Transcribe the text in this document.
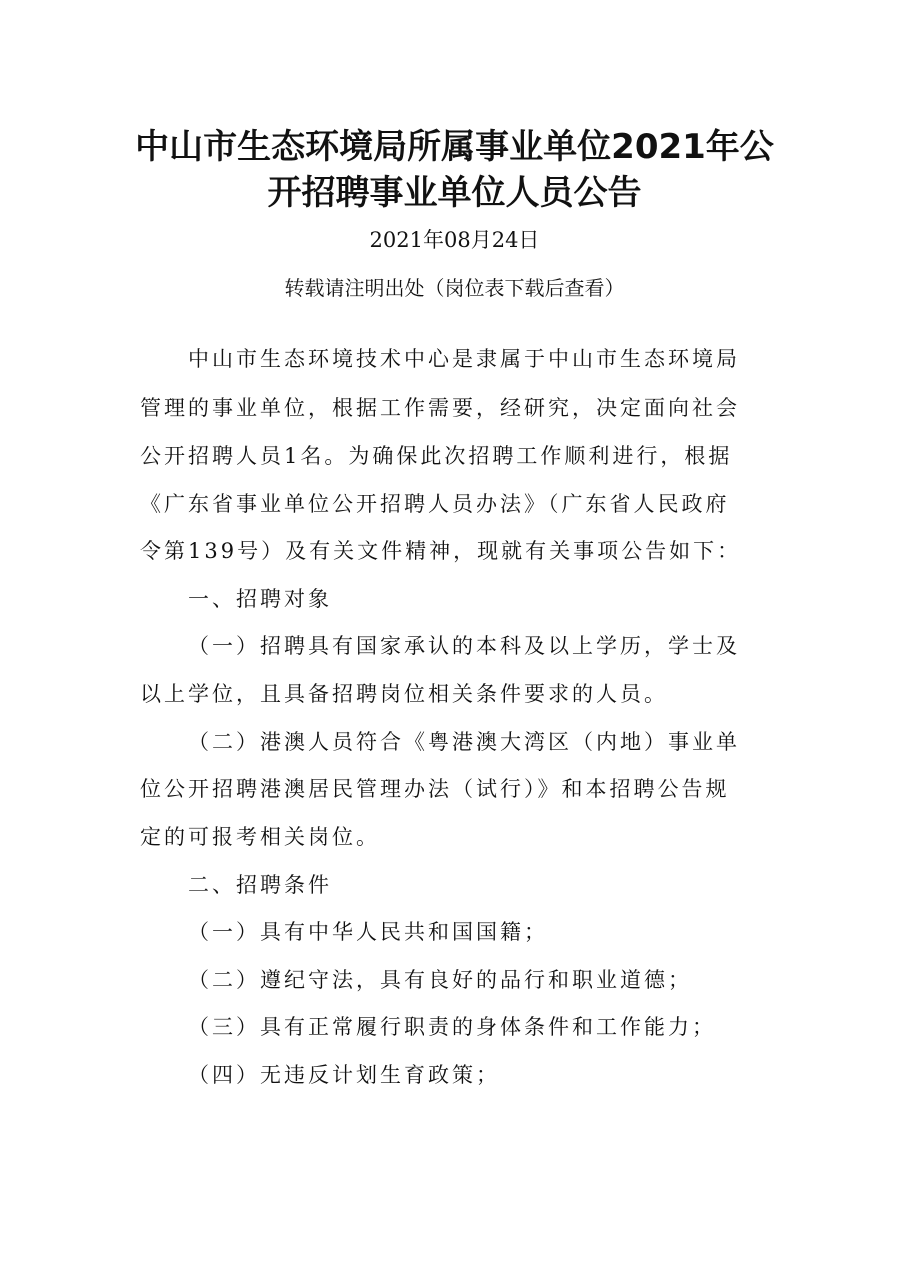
中山市生态环境局所属事业单位2021年公
开招聘事业单位人员公告
2021年08月24日
转载请注明出处（岗位表下载后查看）

中山市生态环境技术中心是隶属于中山市生态环境局

管理的事业单位，根据工作需要，经研究，决定面向社会

公开招聘人员1名。为确保此次招聘工作顺利进行，根据

《广东省事业单位公开招聘人员办法》（广东省人民政府

令第139号）及有关文件精神，现就有关事项公告如下：

一、招聘对象

（一）招聘具有国家承认的本科及以上学历，学士及

以上学位，且具备招聘岗位相关条件要求的人员。

（二）港澳人员符合《粤港澳大湾区（内地）事业单

位公开招聘港澳居民管理办法（试行）》和本招聘公告规

定的可报考相关岗位。

二、招聘条件

（一）具有中华人民共和国国籍；

（二）遵纪守法，具有良好的品行和职业道德；

（三）具有正常履行职责的身体条件和工作能力；

（四）无违反计划生育政策；
